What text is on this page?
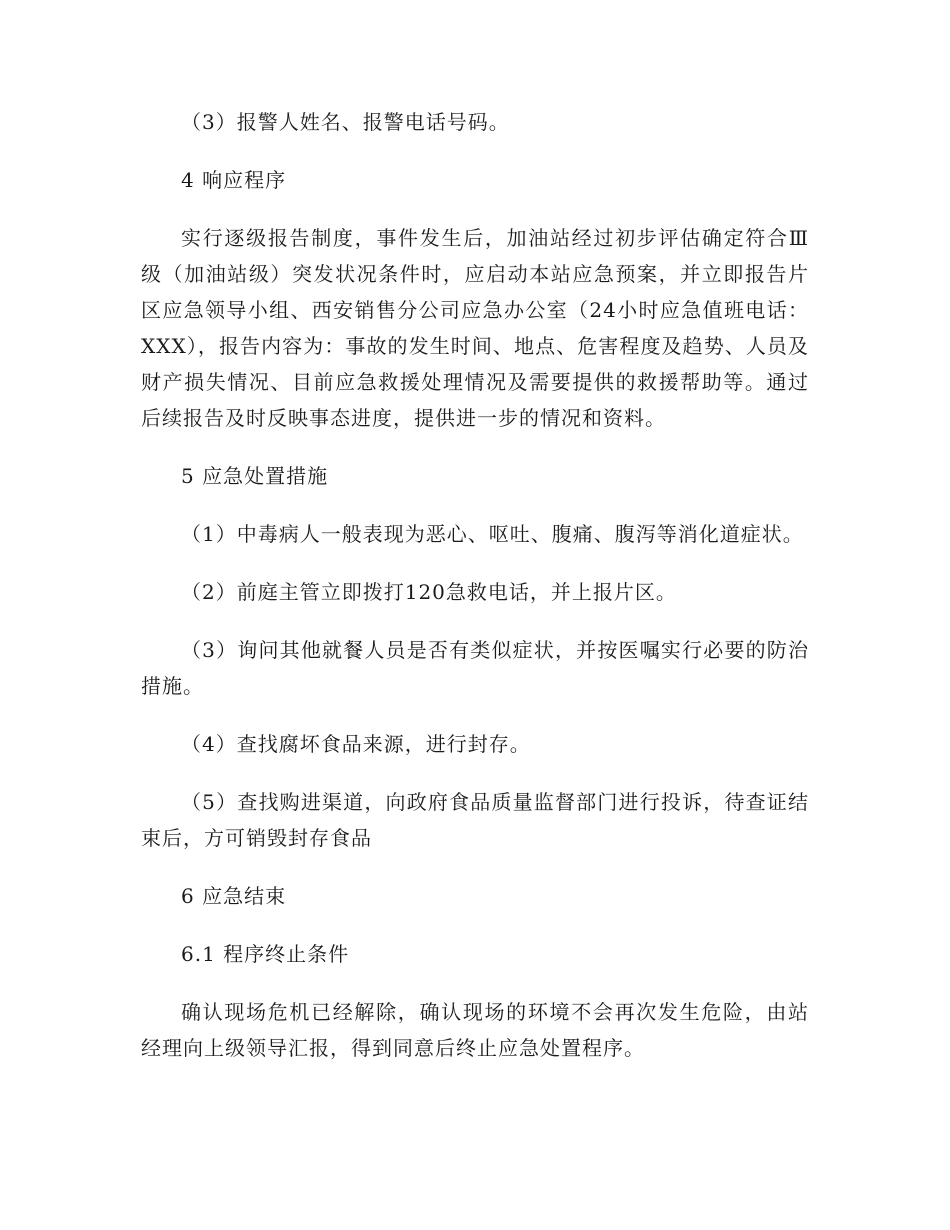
（3）报警人姓名、报警电话号码。

4 响应程序

实行逐级报告制度，事件发生后，加油站经过初步评估确定符合Ⅲ级（加油站级）突发状况条件时，应启动本站应急预案，并立即报告片区应急领导小组、西安销售分公司应急办公室（24小时应急值班电话：XXX），报告内容为：事故的发生时间、地点、危害程度及趋势、人员及财产损失情况、目前应急救援处理情况及需要提供的救援帮助等。通过后续报告及时反映事态进度，提供进一步的情况和资料。

5 应急处置措施

（1）中毒病人一般表现为恶心、呕吐、腹痛、腹泻等消化道症状。

（2）前庭主管立即拨打120急救电话，并上报片区。

（3）询问其他就餐人员是否有类似症状，并按医嘱实行必要的防治措施。

（4）查找腐坏食品来源，进行封存。

（5）查找购进渠道，向政府食品质量监督部门进行投诉，待查证结束后，方可销毁封存食品

6 应急结束

6.1 程序终止条件

确认现场危机已经解除，确认现场的环境不会再次发生危险，由站经理向上级领导汇报，得到同意后终止应急处置程序。
